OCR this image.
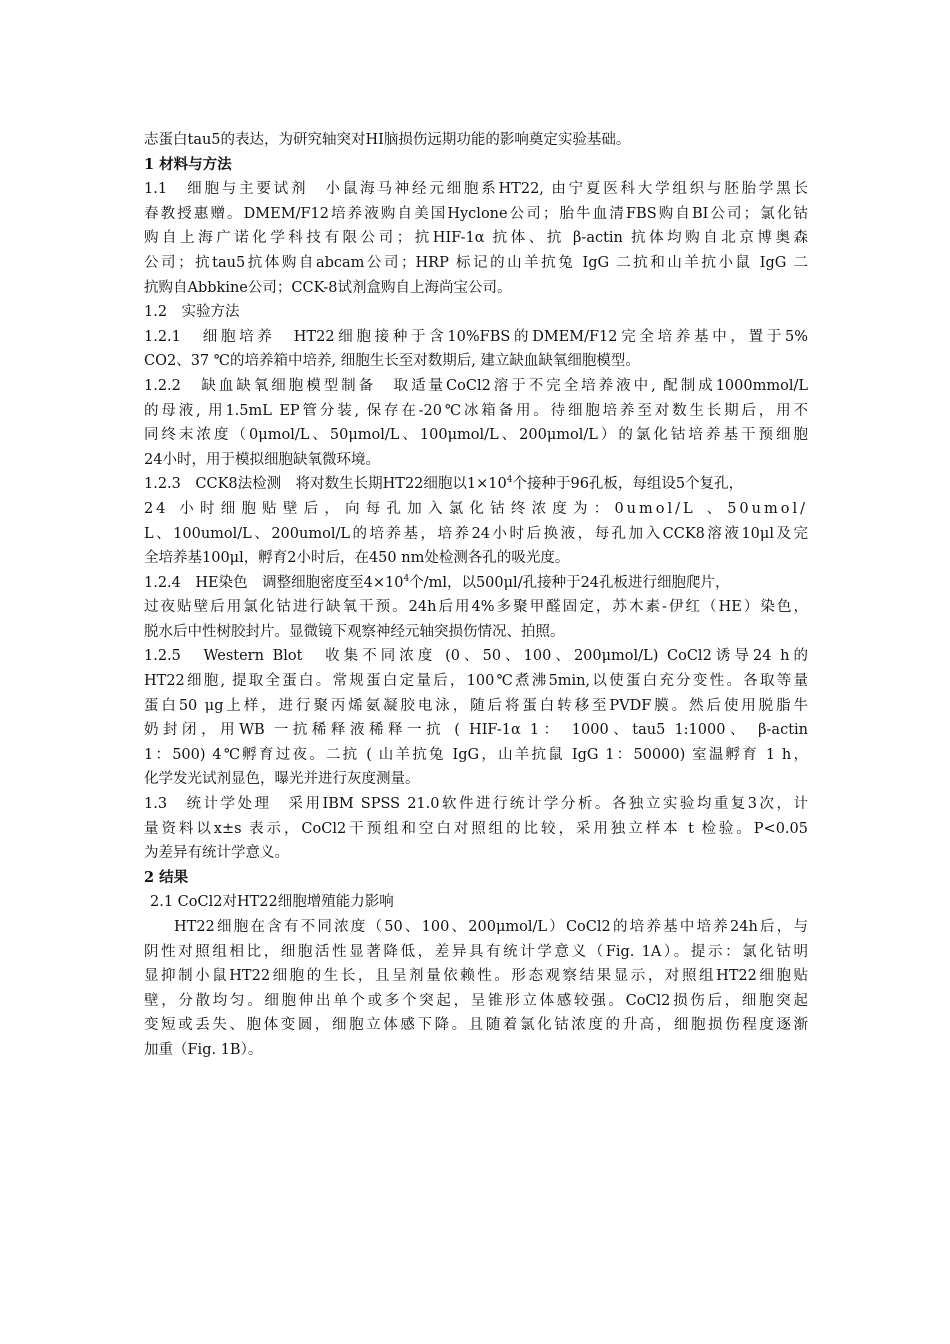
志蛋白tau5的表达，为研究轴突对HI脑损伤远期功能的影响奠定实验基础。
1 材料与方法
1.1　细胞与主要试剂　小鼠海马神经元细胞系HT22, 由宁夏医科大学组织与胚胎学黑长
春教授惠赠。DMEM/F12培养液购自美国Hyclone公司；胎牛血清FBS购自BI公司；氯化钴
购自上海广诺化学科技有限公司；抗HIF-1α 抗体、抗 β-actin 抗体均购自北京博奥森
公司；抗tau5抗体购自abcam公司；HRP 标记的山羊抗兔 IgG 二抗和山羊抗小鼠 IgG 二
抗购自Abbkine公司；CCK-8试剂盒购自上海尚宝公司。
1.2　实验方法
1.2.1　细胞培养　HT22细胞接种于含10%FBS的DMEM/F12完全培养基中，置于5%
CO2、37 ℃的培养箱中培养, 细胞生长至对数期后, 建立缺血缺氧细胞模型。
1.2.2　缺血缺氧细胞模型制备　取适量CoCl2溶于不完全培养液中, 配制成1000mmol/L
的母液, 用1.5mL EP管分装, 保存在-20℃冰箱备用。待细胞培养至对数生长期后，用不
同终末浓度（0μmol/L、50μmol/L、100μmol/L、200μmol/L）的氯化钴培养基干预细胞
24小时，用于模拟细胞缺氧微环境。
1.2.3　CCK8法检测　将对数生长期HT22细胞以$1\times 10^4$个接种于96孔板，每组设5个复孔，
24 小时细胞贴壁后，向每孔加入氯化钴终浓度为：0umol/L 、50umol/
L、100umol/L、200umol/L的培养基，培养24小时后换液，每孔加入CCK8溶液10μl及完
全培养基100μl，孵育2小时后，在450 nm处检测各孔的吸光度。
1.2.4　HE染色　调整细胞密度至$4\times 10^4$个/ml，以500μl/孔接种于24孔板进行细胞爬片，
过夜贴壁后用氯化钴进行缺氧干预。24h后用4%多聚甲醛固定，苏木素-伊红（HE）染色，
脱水后中性树胶封片。显微镜下观察神经元轴突损伤情况、拍照。
1.2.5　Western Blot　收集不同浓度 (0、50、100、200μmol/L) CoCl2诱导24 h的
HT22细胞, 提取全蛋白。常规蛋白定量后，100℃煮沸5min,以使蛋白充分变性。各取等量
蛋白50 μg上样，进行聚丙烯氨凝胶电泳，随后将蛋白转移至PVDF膜。然后使用脱脂牛
奶封闭，用WB 一抗稀释液稀释一抗 ( HIF-1α 1： 1000、tau5 1:1000、 β-actin
1：500) 4℃孵育过夜。二抗 ( 山羊抗兔 IgG，山羊抗鼠 IgG 1：50000) 室温孵育 1 h，
化学发光试剂显色，曝光并进行灰度测量。
1.3　统计学处理　采用IBM SPSS 21.0软件进行统计学分析。各独立实验均重复3次，计
量资料以x±s 表示，CoCl2干预组和空白对照组的比较，采用独立样本 t 检验。P<0.05
为差异有统计学意义。
2 结果
2.1 CoCl2对HT22细胞增殖能力影响
HT22细胞在含有不同浓度（50、100、200μmol/L）CoCl2的培养基中培养24h后，与
阴性对照组相比，细胞活性显著降低，差异具有统计学意义（Fig. 1A）。提示：氯化钴明
显抑制小鼠HT22细胞的生长，且呈剂量依赖性。形态观察结果显示，对照组HT22细胞贴
壁，分散均匀。细胞伸出单个或多个突起，呈锥形立体感较强。CoCl2损伤后，细胞突起
变短或丢失、胞体变圆，细胞立体感下降。且随着氯化钴浓度的升高，细胞损伤程度逐渐
加重（Fig. 1B）。
